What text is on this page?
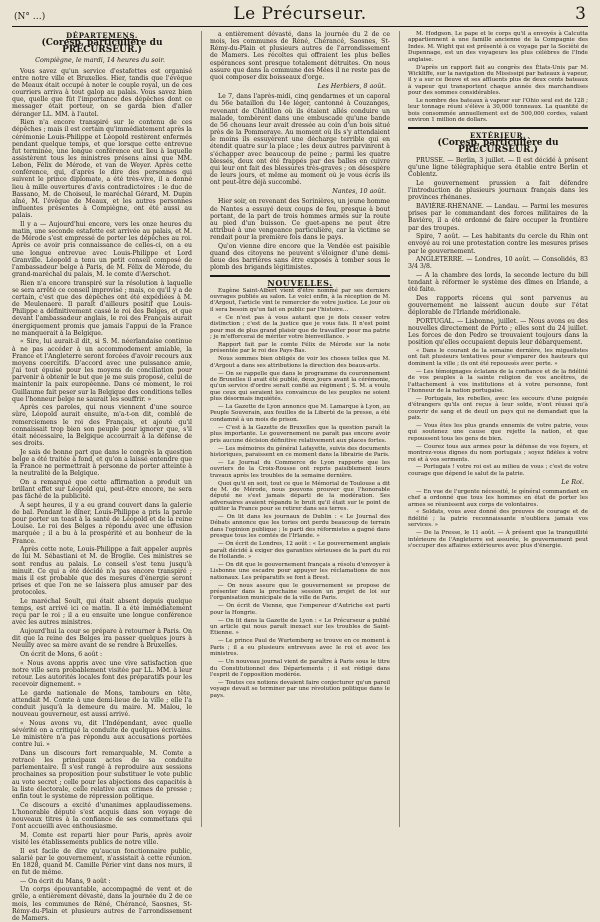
(N° …)	Le Précurseur.	3
DÉPARTEMENS.
(Coresp. particulière du PRÉCURSEUR.)
Compiègne, le mardi, 14 heures du soir.

Vous savez qu'un service d'estafettes est organisé entre notre ville et Bruxelles. Hier, tandis que l'évêque de Meaux était occupé à noter le couple royal, un de ces courriers arriva à tout galop au palais. Vous savez bien que, quelle que fût l'importance des dépêches dont ce messager était porteur, on se garda bien d'aller déranger LL. MM. à l'autel.

Rien n'a encore transpiré sur le contenu de ces dépêches ; mais il est certain qu'immédiatement après la cérémonie Louis-Philippe et Léopold restèrent enfermés pendant quelque temps, et que lorsque cette entrevue fut terminée, une longue conférence eut lieu à laquelle assistèrent tous les ministres présens ainsi que MM. Lebon, Félix de Mérode, et van de Weyer. Après cette conférence, qui, d'après le dire des personnes qui suivent le prince diplomate, a été très-vive, il a donné lieu à mille ouvertures d'avis contradictoires : le duc de Bassano, M. de Choiseul, le maréchal Gérard, M. Dupin aîné, M. l'évêque de Meaux, et les autres personnes influentes présentes à Compiègne, ont été aussi au palais.

Il y a — Aujourd'hui encore, vers les onze heures du matin, une seconde estafette est arrivée au palais, et M. de Mérode s'est empressé de porter les dépêches au roi. Après ce avoir pris connaissance de celles-ci, on a eu une longue entrevue avec Louis-Philippe et Lord Granville. Léopold a tenu un petit conseil composé de l'ambassadeur belge à Paris, de M. Félix de Mérode, du grand-maréchal du palais, M. le comte d'Aerschot.

Rien n'a encore transpiré sur la résolution à laquelle se sera arrêté ce conseil improvisé ; mais, ce qu'il y a de certain, c'est que des dépêches ont été expédiées à M. de Meulenaere. Il paraît d'ailleurs positif que Louis-Philippe a définitivement cassé le roi des Belges, et que devant l'ambassadeur anglais, le roi des Français aurait énergiquement promis que jamais l'appui de la France ne manquerait à la Belgique.

« Sire, lui aurait-il dit, si S. M. néerlandaise continue à ne pas accéder à un accommodement amiable, la France et l'Angleterre seront forcées d'avoir recours aux moyens coercitifs. D'accord avec une puissance amie, j'ai tout épuisé pour les moyens de conciliation pour parvenir à obtenir le but que je me suis proposé, celui de maintenir la paix européenne. Dans ce moment, le roi Guillaume fait peser sur la Belgique des conditions telles que l'honneur belge ne saurait les souffrir. »

Après ces paroles, qui nous viennent d'une source sûre, Léopold aurait ensuite, m'a-t-on dit, comblé de remerciemens le roi des Français, et ajouté qu'il connaissait trop bien son peuple pour ignorer que, s'il était nécessaire, la Belgique accourrait à la défense de ses droits.

Je sais de bonne part que dans le congrès la question belge a été traitée à fond, et qu'on a laissé entendre que la France ne permettrait à personne de porter atteinte à la neutralité de la Belgique.

On a remarqué que cette affirmation a produit un brillant effet sur Léopold qui, peut-être encore, ne sera pas fâché de la publicité.

À sept heures, il y a eu grand couvert dans la galerie de bal. Pendant le dîner, Louis-Philippe a pris la parole pour porter un toast à la santé de Léopold et de la reine Louise. Le roi des Belges a répondu avec une effusion marquée ; il a bu à la prospérité et au bonheur de la France.

Après cette note, Louis-Philippe a fait appeler auprès de lui M. Sébastiani et M. de Broglie. Ces ministres se sont rendus au palais. Le conseil s'est tenu jusqu'à minuit. Ce qui a été décidé n'a pas encore transpiré ; mais il est probable que des mesures d'énergie seront prises et que l'on ne se laissera plus amuser par des protocoles.

Le maréchal Soult, qui était absent depuis quelque temps, est arrivé ici ce matin. Il a été immédiatement reçu par le roi ; il a eu ensuite une longue conférence avec les autres ministres.

Aujourd'hui la cour se prépare à retourner à Paris. On dit que la reine des Belges ira passer quelques jours à Neuilly avec sa mère avant de se rendre à Bruxelles.

On écrit de Mons, 6 août :

« Nous avons appris avec une vive satisfaction que notre ville sera probablement visitée par LL. MM. à leur retour. Les autorités locales font des préparatifs pour les recevoir dignement. »

Le garde nationale de Mons, tambours en tête, attendait M. Comte à une demi-lieue de la ville ; elle l'a conduit jusqu'à la demeure du maire. M. Malou, le nouveau gouverneur, est aussi arrivé.

« Nous avons vu, dit l'Indépendant, avec quelle sévérité on a critiqué la conduite de quelques écrivains. Le ministère n'a pas répondu aux accusations portées contre lui. »

Dans un discours fort remarquable, M. Comte a retracé les principaux actes de sa conduite parlementaire. Il s'est rangé à reproduire aux sessions prochaines sa proposition pour substituer le vote public au vote secret ; celle pour les abjections des capacités à la liste électorale, celle relative aux crimes de presse ; enfin tout le système de répression politique.

Ce discours a excité d'unanimes applaudissemens. L'honorable député s'est acquis dans son voyage de nouveaux titres à la confiance de ses commettans qui l'ont accueilli avec enthousiasme.

M. Comte est reparti hier pour Paris, après avoir visité les établissements publics de notre ville.

Il est facile de dire qu'aucun fonctionnaire public, salarié par le gouvernement, n'assistait à cette réunion. En 1828, quand M. Camille Périer vint dans nos murs, il en fut de même.

— On écrit du Mans, 9 août :

Un corps épouvantable, accompagné de vent et de grêle, a entièrement dévasté, dans la journée du 2 de ce mois, les communes de Réné, Chérancé, Saosnes, St-Rémy-du-Plain et plusieurs autres de l'arrondissement de Mamers.

a entièrement dévasté, dans la journée du 2 de ce mois, les communes de Réné, Chérancé, Saosnes, St-Rémy-du-Plain et plusieurs autres de l'arrondissement de Mamers. Les récoltes qui offraient les plus belles espérances sont presque totalement détruites. On nous assure que dans la commune des Mées il ne reste pas de quoi composer dix boisseaux d'orge.

Les Herbiers, 8 août.

Le 7, dans l'après-midi, cinq gendarmes et un caporal du 56e bataillon du 14e léger, cantonné à Couzanges, revenant de Châtillon où ils étaient allés conduire un malade, tombèrent dans une embuscade qu'une bande de 56 chouans leur avait dressée au coin d'un bois situé près de la Pommeraye. Au moment où ils s'y attendaient le moins ils essuyèrent une décharge terrible qui en étendit quatre sur la place ; les deux autres parvinrent à s'échapper avec beaucoup de peine ; parmi les quatre blessés, deux ont été frappés par des balles en cuivre qui leur ont fait des blessures très-graves ; on désespère de leurs jours, et même au moment où je vous écris ils ont peut-être déjà succombé.

Nantes, 10 août.

Hier soir, en revenant des Sorinières, un jeune homme de Nantes a essuyé deux coups de feu, presque à bout portant, de la part de trois hommes armés sur la route au pied d'un buisson. Ce guet-apens ne peut être attribué à une vengeance particulière, car la victime se rendait pour la première fois dans le pays.

Qu'on vienne dire encore que la Vendée est paisible quand des citoyens ne peuvent s'éloigner d'une demi-lieue des barrières sans être exposés à tomber sous le plomb des brigands légitimistes.

NOUVELLES.

Eugène Saint-Albert vient d'être nommé par ses derniers ouvrages publiés au salon. Le voici enfin, à la réception de M. d'Argout, l'article vint le remercier de votre justice. Le jour où il sera besoin qu'un fait en public par l'histoire...

« Ce n'est pas à vous autant que je dois cesser votre distinction ; c'est de la justice que je vous fais. Il n'est point pour moi de plus grand plaisir que de travailler pour ma patrie ; je m'efforcerai de mériter votre bienveillance. »

Rapport fait par le comte Félix de Mérode sur la note présentée par le roi des Pays-Bas.

Nous sommes bien obligés de voir les choses telles que M. d'Argout a dans ses attributions la direction des beaux-arts.

— On se rappelle que dans le programme du couronnement de Bruxelles il avait été publié, deux jours avant la cérémonie, qu'un service d'ordre serait confié au régiment ; S. M. a voulu que ceux qui seraient les convaincus de les peuples ne soient plus désormais inquiétés.

— La Gazette de Lyon annonce que M. Lamarque à Lyon, au Peuple Souverain, aux feuilles de la Liberté de la presse, a été condamné à un mois de prison.

— C'est à la Gazette de Bruxelles que la question paraît la plus importante. Le gouvernement ne paraît pas encore avoir pris aucune décision définitive relativement aux places fortes.

— Les mémoires du général Lafayette, suivis des documents historiques, paraissent en ce moment dans la librairie de Paris.

— Le Journal du Commerce de Lyon rapporte que les ouvriers de la Croix-Rousse ont repris paisiblement leurs travaux après les troubles de la semaine dernière.

Quoi qu'il en soit, tout ce que le Mémorial de Toulouse a dit de M. de Mérode, nous pouvons prouver que l'honorable député ne s'est jamais départi de la modération. Ses adversaires avaient répandu le bruit qu'il était sur le point de quitter la France pour se retirer dans ses terres.

— On lit dans les journaux de Dublin : « Le Journal des Débats annonce que les tories ont perdu beaucoup de terrain dans l'opinion publique ; le parti des réformistes a gagné dans presque tous les comtés de l'Irlande. »

— On écrit de Londres, 12 août : « Le gouvernement anglais paraît décidé à exiger des garanties sérieuses de la part du roi de Hollande. »

— On dit que le gouvernement français a résolu d'envoyer à Lisbonne une escadre pour appuyer les réclamations de nos nationaux. Les préparatifs se font à Brest.

— On nous assure que le gouvernement se propose de présenter dans la prochaine session un projet de loi sur l'organisation municipale de la ville de Paris.

— On écrit de Vienne, que l'empereur d'Autriche est parti pour la Hongrie.

— On lit dans la Gazette de Lyon : « Le Précurseur a publié un article qui nous paraît inexact sur les troubles de Saint-Étienne. »

— Le prince Paul de Wurtemberg se trouve en ce moment à Paris ; il a eu plusieurs entrevues avec le roi et avec les ministres.

— Un nouveau journal vient de paraître à Paris sous le titre du Constitutionnel des Départements ; il est rédigé dans l'esprit de l'opposition modérée.

— Toutes ces notions devaient faire conjecturer qu'un pareil voyage devait se terminer par une révolution politique dans le pays.

M. Hodgson. Le pape et le corps qu'il a envoyés à Calcutta appartiennent à une famille ancienne de la Compagnie des Indes. M. Wight qui est présenté à ce voyage par la Société de Dupennage, est un des voyageurs les plus célèbres de l'Inde anglaise.

D'après un rapport fait au congrès des États-Unis par M. Wickliffe, sur la navigation du Mississipi par bateaux à vapeur, il y a sur ce fleuve et ses affluents plus de deux cents bateaux à vapeur qui transportent chaque année des marchandises pour des sommes considérables.

Le nombre des bateaux à vapeur sur l'Ohio seul est de 128 ; leur tonnage réuni s'élève à 30,000 tonneaux. La quantité de bois consommée annuellement est de 500,000 cordes, valant environ 1 million de dollars.

EXTÉRIEUR.
(Coresp. particulière du PRÉCURSEUR.)

PRUSSE. — Berlin, 3 juillet. — Il est décidé à présent qu'une ligne télégraphique sera établie entre Berlin et Coblentz.

Le gouvernement prussien a fait défendre l'introduction de plusieurs journaux français dans les provinces rhénanes.

BAVIÈRE-RHÉNANE. — Landau. — Parmi les mesures prises par le commandant des forces militaires de la Bavière, il a été ordonné de faire occuper la frontière par des troupes.

Spire, 7 août. — Les habitants du cercle du Rhin ont envoyé au roi une protestation contre les mesures prises par le gouvernement.

ANGLETERRE. — Londres, 10 août. — Consolidés, 83 3/4 3/8.

— A la chambre des lords, la seconde lecture du bill tendant à réformer le système des dîmes en Irlande, a été faite.

Des rapports récens qui sont parvenus au gouvernement ne laissent aucun doute sur l'état déplorable de l'Irlande méridionale.

PORTUGAL. — Lisbonne, juillet. — Nous avons eu des nouvelles directement de Porto ; elles sont du 24 juillet. Les forces de don Pedro se trouvaient toujours dans la position qu'elles occupaient depuis leur débarquement.

« Dans le courant de la semaine dernière, les miguelistes ont fait plusieurs tentatives pour s'emparer des hauteurs qui dominent la ville ; ils ont été repoussés avec perte. »

— Les témoignages éclatans de la confiance et de la fidélité de vos peuples à la sainte religion de vos ancêtres, de l'attachement à vos institutions et à votre personne, font l'honneur de la nation portugaise.

— Portugais, les rebelles, avec les secours d'une poignée d'étrangers qu'ils ont reçus à leur solde, n'ont réussi qu'à couvrir de sang et de deuil un pays qui ne demandait que la paix.

— Vous êtes les plus grands ennemis de votre patrie, vous qui soutenez une cause que rejette la nation, et que repoussent tous les gens de bien.

— Courez tous aux armes pour la défense de vos foyers, et montrez-vous dignes du nom portugais ; soyez fidèles à votre roi et à vos serments.

— Portugais ! votre roi est au milieu de vous ; c'est de votre courage que dépend le salut de la patrie.

Le Roi.

— En vue de l'urgente nécessité, le général commandant en chef a ordonné que tous les hommes en état de porter les armes se réunissent aux corps de volontaires.

« Soldats, vous avez donné des preuves de courage et de fidélité ; la patrie reconnaissante n'oubliera jamais vos services. »

— De la Presse, le 11 août. — À présent que la tranquillité intérieure de l'Angleterre est assurée, le gouvernement peut s'occuper des affaires extérieures avec plus d'énergie.
